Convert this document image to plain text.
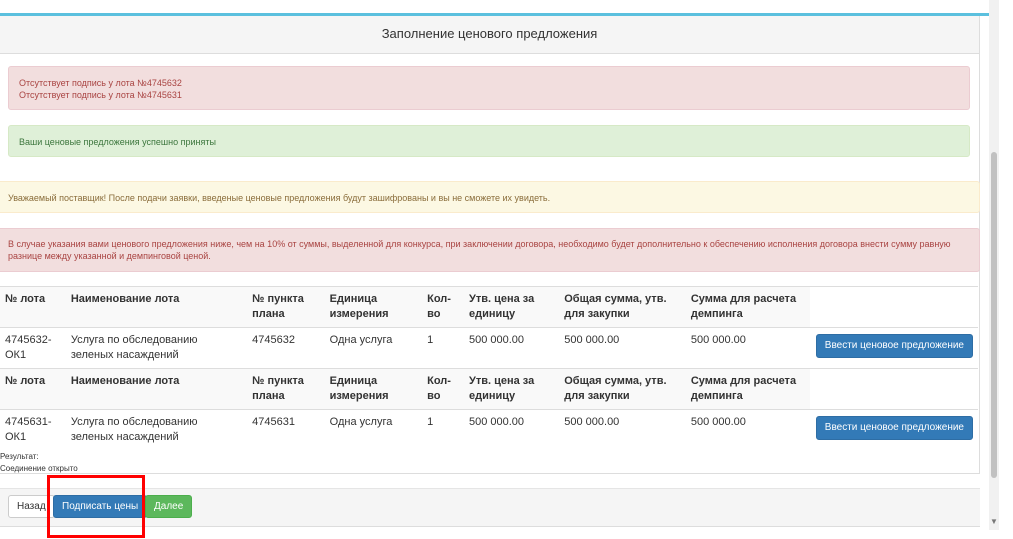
Заполнение ценового предложения
Отсутствует подпись у лота №4745632
Отсутствует подпись у лота №4745631
Ваши ценовые предложения успешно приняты
Уважаемый поставщик! После подачи заявки, введеные ценовые предложения будут зашифрованы и вы не сможете их увидеть.
В случае указания вами ценового предложения ниже, чем на 10% от суммы, выделенной для конкурса, при заключении договора, необходимо будет дополнительно к обеспечению исполнения договора внести сумму равную разнице между указанной и демпинговой ценой.
№ лота	Наименование лота	№ пункта плана	Единица измерения	Кол-во	Утв. цена за единицу	Общая сумма, утв. для закупки	Сумма для расчета демпинга	
4745632-ОК1	Услуга по обследованию зеленых насаждений	4745632	Одна услуга	1	500 000.00	500 000.00	500 000.00	Ввести ценовое предложение
№ лота	Наименование лота	№ пункта плана	Единица измерения	Кол-во	Утв. цена за единицу	Общая сумма, утв. для закупки	Сумма для расчета демпинга	
4745631-ОК1	Услуга по обследованию зеленых насаждений	4745631	Одна услуга	1	500 000.00	500 000.00	500 000.00	Ввести ценовое предложение
Результат:
Соединение открыто
Назад	Подписать цены	Далее
▼
